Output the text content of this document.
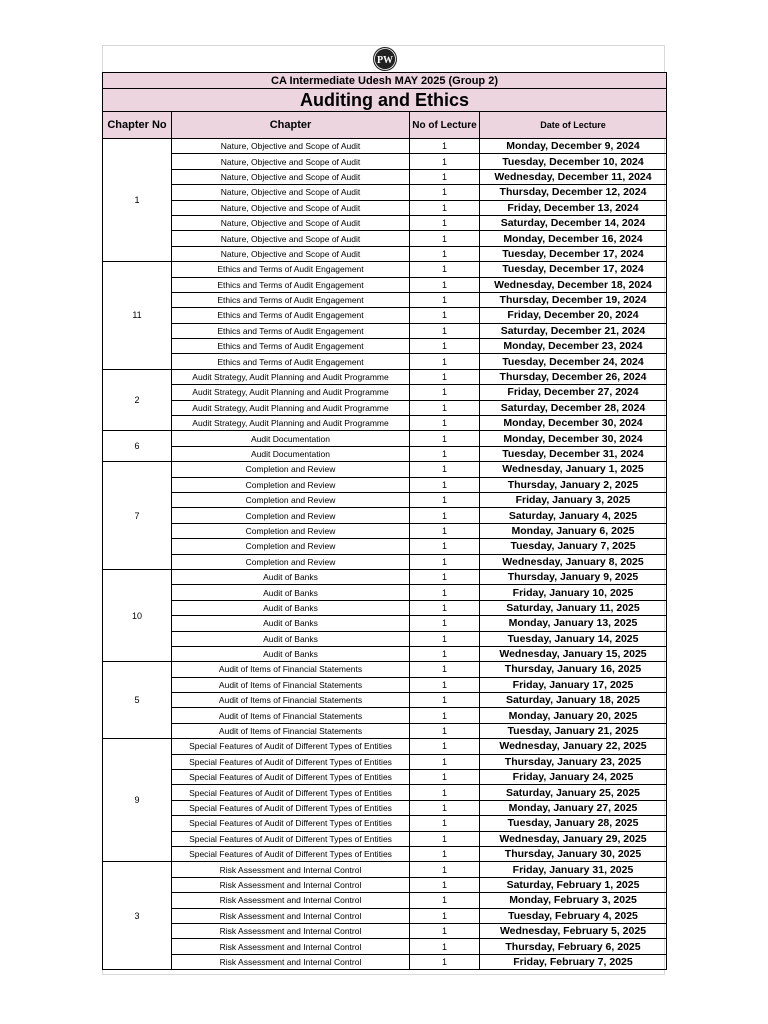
PW
CA Intermediate Udesh MAY 2025 (Group 2)			
Auditing and Ethics			
Chapter No	Chapter	No of Lecture	Date of Lecture
1	Nature, Objective and Scope of Audit	1	Monday, December 9, 2024
	Nature, Objective and Scope of Audit	1	Tuesday, December 10, 2024
	Nature, Objective and Scope of Audit	1	Wednesday, December 11, 2024
	Nature, Objective and Scope of Audit	1	Thursday, December 12, 2024
	Nature, Objective and Scope of Audit	1	Friday, December 13, 2024
	Nature, Objective and Scope of Audit	1	Saturday, December 14, 2024
	Nature, Objective and Scope of Audit	1	Monday, December 16, 2024
	Nature, Objective and Scope of Audit	1	Tuesday, December 17, 2024
11	Ethics and Terms of Audit Engagement	1	Tuesday, December 17, 2024
	Ethics and Terms of Audit Engagement	1	Wednesday, December 18, 2024
	Ethics and Terms of Audit Engagement	1	Thursday, December 19, 2024
	Ethics and Terms of Audit Engagement	1	Friday, December 20, 2024
	Ethics and Terms of Audit Engagement	1	Saturday, December 21, 2024
	Ethics and Terms of Audit Engagement	1	Monday, December 23, 2024
	Ethics and Terms of Audit Engagement	1	Tuesday, December 24, 2024
2	Audit Strategy, Audit Planning and Audit Programme	1	Thursday, December 26, 2024
	Audit Strategy, Audit Planning and Audit Programme	1	Friday, December 27, 2024
	Audit Strategy, Audit Planning and Audit Programme	1	Saturday, December 28, 2024
	Audit Strategy, Audit Planning and Audit Programme	1	Monday, December 30, 2024
6	Audit Documentation	1	Monday, December 30, 2024
	Audit Documentation	1	Tuesday, December 31, 2024
7	Completion and Review	1	Wednesday, January 1, 2025
	Completion and Review	1	Thursday, January 2, 2025
	Completion and Review	1	Friday, January 3, 2025
	Completion and Review	1	Saturday, January 4, 2025
	Completion and Review	1	Monday, January 6, 2025
	Completion and Review	1	Tuesday, January 7, 2025
	Completion and Review	1	Wednesday, January 8, 2025
10	Audit of Banks	1	Thursday, January 9, 2025
	Audit of Banks	1	Friday, January 10, 2025
	Audit of Banks	1	Saturday, January 11, 2025
	Audit of Banks	1	Monday, January 13, 2025
	Audit of Banks	1	Tuesday, January 14, 2025
	Audit of Banks	1	Wednesday, January 15, 2025
5	Audit of Items of Financial Statements	1	Thursday, January 16, 2025
	Audit of Items of Financial Statements	1	Friday, January 17, 2025
	Audit of Items of Financial Statements	1	Saturday, January 18, 2025
	Audit of Items of Financial Statements	1	Monday, January 20, 2025
	Audit of Items of Financial Statements	1	Tuesday, January 21, 2025
9	Special Features of Audit of Different Types of Entities	1	Wednesday, January 22, 2025
	Special Features of Audit of Different Types of Entities	1	Thursday, January 23, 2025
	Special Features of Audit of Different Types of Entities	1	Friday, January 24, 2025
	Special Features of Audit of Different Types of Entities	1	Saturday, January 25, 2025
	Special Features of Audit of Different Types of Entities	1	Monday, January 27, 2025
	Special Features of Audit of Different Types of Entities	1	Tuesday, January 28, 2025
	Special Features of Audit of Different Types of Entities	1	Wednesday, January 29, 2025
	Special Features of Audit of Different Types of Entities	1	Thursday, January 30, 2025
3	Risk Assessment and Internal Control	1	Friday, January 31, 2025
	Risk Assessment and Internal Control	1	Saturday, February 1, 2025
	Risk Assessment and Internal Control	1	Monday, February 3, 2025
	Risk Assessment and Internal Control	1	Tuesday, February 4, 2025
	Risk Assessment and Internal Control	1	Wednesday, February 5, 2025
	Risk Assessment and Internal Control	1	Thursday, February 6, 2025
	Risk Assessment and Internal Control	1	Friday, February 7, 2025
